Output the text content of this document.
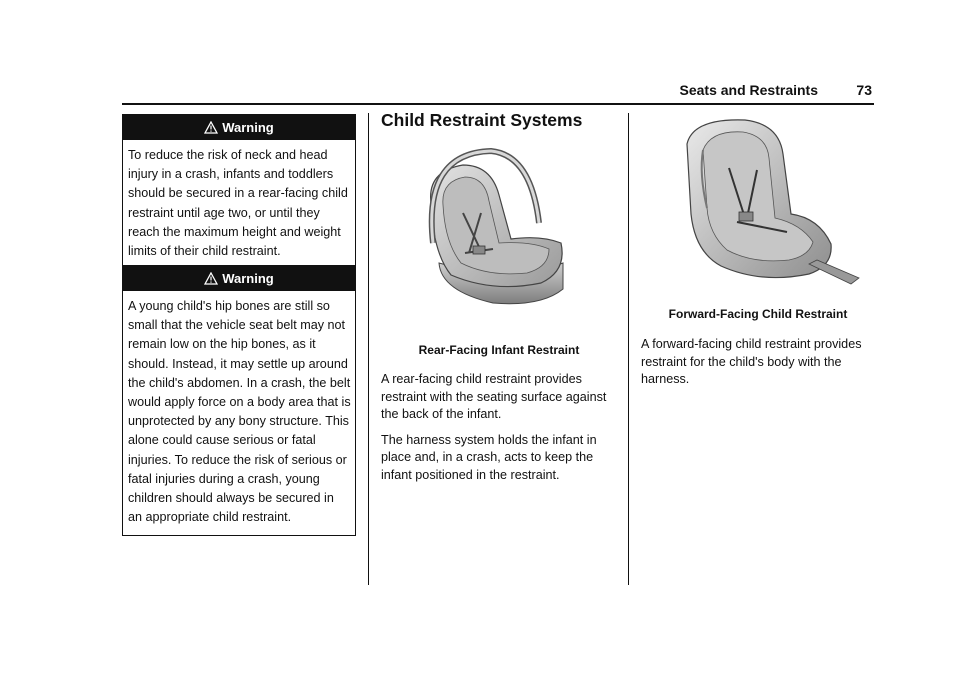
Seats and Restraints	73
Warning
To reduce the risk of neck and head injury in a crash, infants and toddlers should be secured in a rear-facing child restraint until age two, or until they reach the maximum height and weight limits of their child restraint.
Warning
A young child's hip bones are still so small that the vehicle seat belt may not remain low on the hip bones, as it should. Instead, it may settle up around the child's abdomen. In a crash, the belt would apply force on a body area that is unprotected by any bony structure. This alone could cause serious or fatal injuries. To reduce the risk of serious or fatal injuries during a crash, young children should always be secured in an appropriate child restraint.
Child Restraint Systems
Rear-Facing Infant Restraint

A rear-facing child restraint provides restraint with the seating surface against the back of the infant.

The harness system holds the infant in place and, in a crash, acts to keep the infant positioned in the restraint.

Forward-Facing Child Restraint

A forward-facing child restraint provides restraint for the child's body with the harness.
